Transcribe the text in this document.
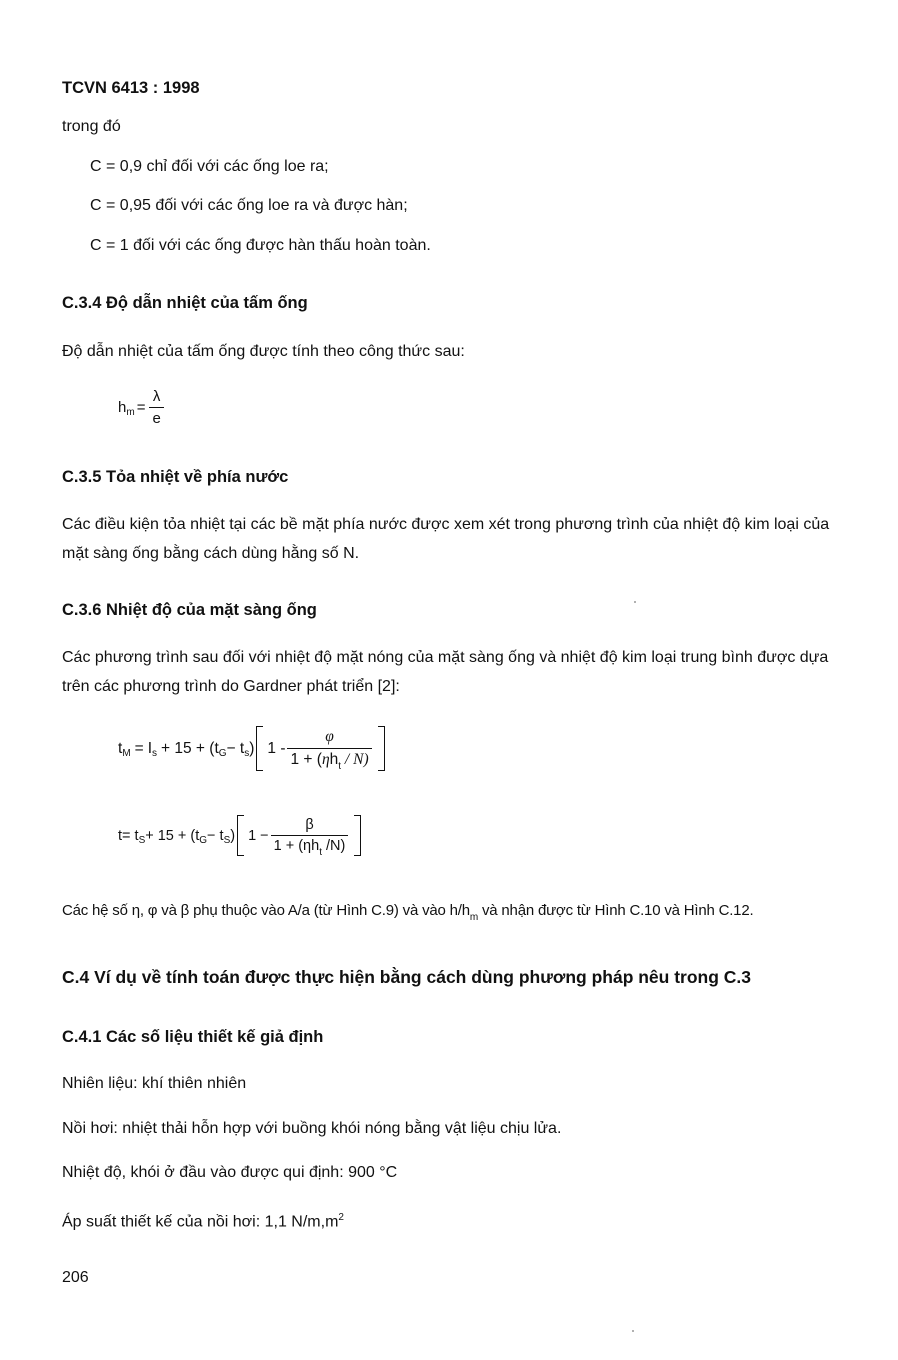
TCVN 6413 : 1998

trong đó

C = 0,9 chỉ đối với các ống loe ra;

C = 0,95 đối với các ống loe ra và được hàn;

C = 1 đối với các ống được hàn thấu hoàn toàn.

C.3.4 Độ dẫn nhiệt của tấm ống

Độ dẫn nhiệt của tấm ống được tính theo công thức sau:

h $m = \frac{\lambda}{e}$

C.3.5 Tỏa nhiệt về phía nước

Các điều kiện tỏa nhiệt tại các bề mặt phía nước được xem xét trong phương trình của nhiệt độ kim loại của mặt sàng ống bằng cách dùng hằng số N.

C.3.6 Nhiệt độ của mặt sàng ống

Các phương trình sau đối với nhiệt độ mặt nóng của mặt sàng ống và nhiệt độ kim loại trung bình được dựa trên các phương trình do Gardner phát triển [2]:

t M = I s + 15 + (t G − t s ) $1 - \frac{\varphi}{1 + (\eta h_t / N)}$
t = t S + 15 + (t G − t S ) $1 - \frac{\beta}{1 + (\eta h_t /N)}$

Các hệ số η, φ và β phụ thuộc vào A/a (từ Hình C.9) và vào $h/h_m$ và nhận được từ Hình C.10 và Hình C.12.

C.4 Ví dụ về tính toán được thực hiện bằng cách dùng phương pháp nêu trong C.3

C.4.1 Các số liệu thiết kế giả định

Nhiên liệu: khí thiên nhiên

Nồi hơi: nhiệt thải hỗn hợp với buồng khói nóng bằng vật liệu chịu lửa.

Nhiệt độ, khói ở đầu vào được qui định: 900 °C

Áp suất thiết kế của nồi hơi: 1,1 $N/m,m^2$

206
